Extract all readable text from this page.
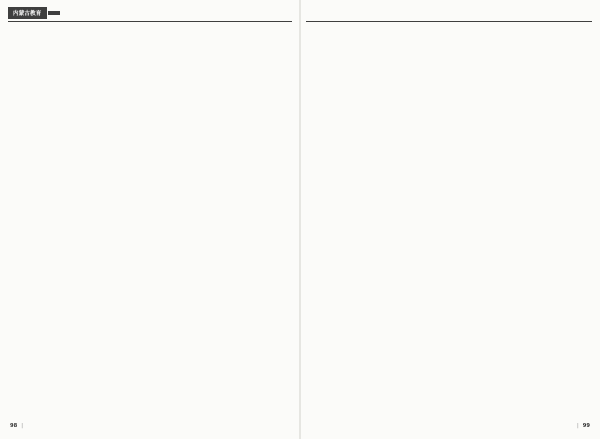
内蒙古教育
98 |	| 99
